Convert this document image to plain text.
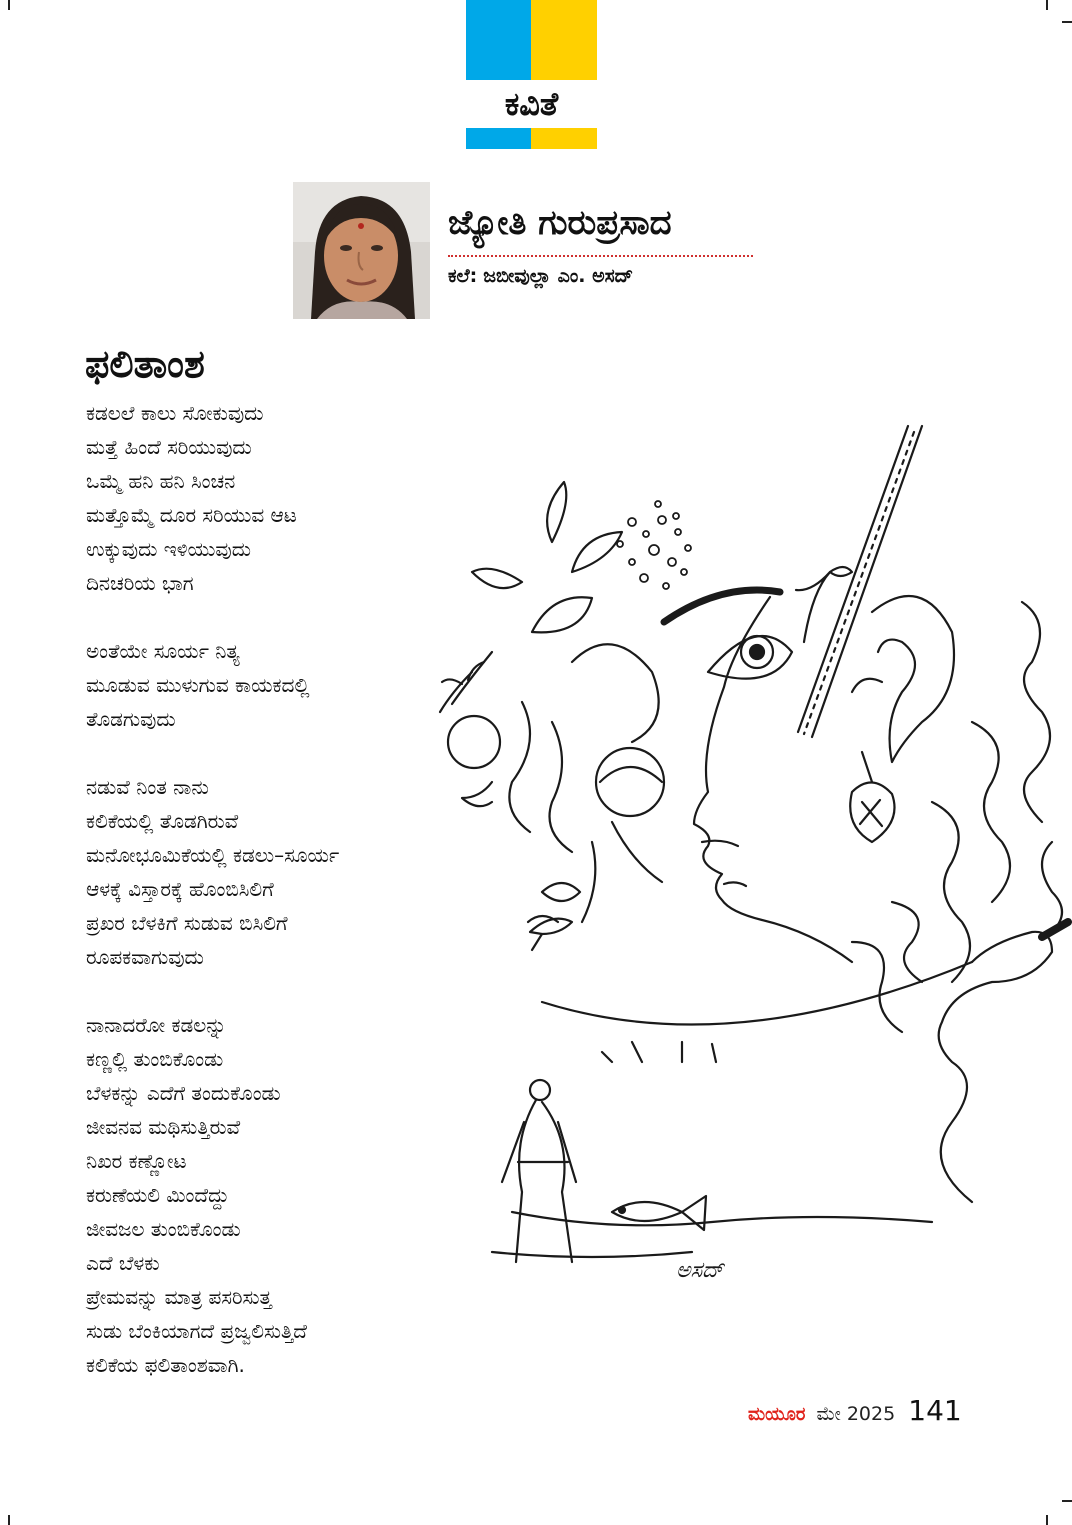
ಕವಿತೆ
ಜ್ಯೋತಿ ಗುರುಪ್ರಸಾದ
ಕಲೆ: ಜಬೀವುಲ್ಲಾ ಎಂ. ಅಸದ್
ಫಲಿತಾಂಶ
ಕಡಲಲೆ ಕಾಲು ಸೋಕುವುದು
ಮತ್ತೆ ಹಿಂದೆ ಸರಿಯುವುದು
ಒಮ್ಮೆ ಹನಿ ಹನಿ ಸಿಂಚನ
ಮತ್ತೊಮ್ಮೆ ದೂರ ಸರಿಯುವ ಆಟ
ಉಕ್ಕುವುದು ಇಳಿಯುವುದು
ದಿನಚರಿಯ ಭಾಗ
ಅಂತೆಯೇ ಸೂರ್ಯ ನಿತ್ಯ
ಮೂಡುವ ಮುಳುಗುವ ಕಾಯಕದಲ್ಲಿ
ತೊಡಗುವುದು
ನಡುವೆ ನಿಂತ ನಾನು
ಕಲಿಕೆಯಲ್ಲಿ ತೊಡಗಿರುವೆ
ಮನೋಭೂಮಿಕೆಯಲ್ಲಿ ಕಡಲು–ಸೂರ್ಯ
ಆಳಕ್ಕೆ ವಿಸ್ತಾರಕ್ಕೆ ಹೊಂಬಿಸಿಲಿಗೆ
ಪ್ರಖರ ಬೆಳಕಿಗೆ ಸುಡುವ ಬಿಸಿಲಿಗೆ
ರೂಪಕವಾಗುವುದು
ನಾನಾದರೋ ಕಡಲನ್ನು
ಕಣ್ಣಲ್ಲಿ ತುಂಬಿಕೊಂಡು
ಬೆಳಕನ್ನು ಎದೆಗೆ ತಂದುಕೊಂಡು
ಜೀವನವ ಮಥಿಸುತ್ತಿರುವೆ
ನಿಖರ ಕಣ್ಣೋಟ
ಕರುಣೆಯಲಿ ಮಿಂದೆದ್ದು
ಜೀವಜಲ ತುಂಬಿಕೊಂಡು
ಎದೆ ಬೆಳಕು
ಪ್ರೇಮವನ್ನು ಮಾತ್ರ ಪಸರಿಸುತ್ತ
ಸುಡು ಬೆಂಕಿಯಾಗದೆ ಪ್ರಜ್ವಲಿಸುತ್ತಿದೆ
ಕಲಿಕೆಯ ಫಲಿತಾಂಶವಾಗಿ.
ಅಸದ್
ಮಯೂರ ಮೇ 2025 141
